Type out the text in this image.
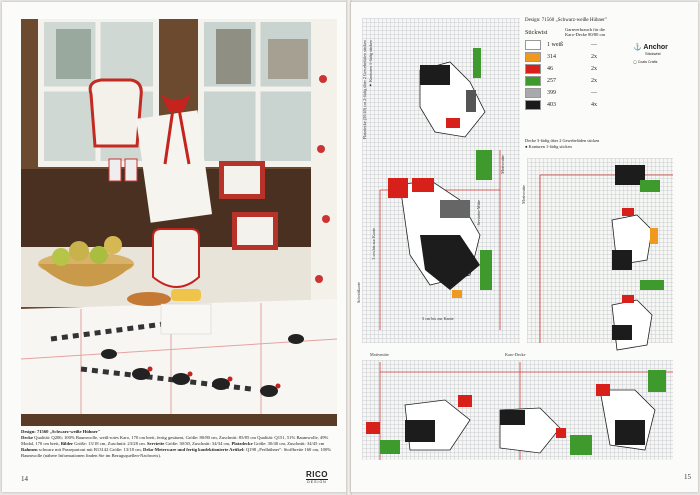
Design: 71560 „Schwarz-weiße Hühner"
Decke Qualität: Q206; 100% Baumwolle, weiß-rotes Karo, 170 cm breit, fertig gesäumt, Größe: 80/80 cm, Zuschnitt: 85/85 cm Qualität: Q151, 51% Baumwolle, 49% Modal, 170 cm breit, Bilder Größe: 13/18 cm, Zuschnitt: 23/28 cm. Serviette Größe: 30/30, Zuschnitt: 34/34 cm, Platzdecke Größe: 30/40 cm, Zuschnitt: 34/45 cm Rahmen schwarz mit Passepartout mit B13142 Größe: 13/18 cm, Deko-Meterware und fertig konfektionierte Artikel: Q198 „Perlhühner": Stoffbreite 160 cm, 100% Baumwolle (nähere Informationen finden Sie im Bezugsquellen-Nachweis).
14	RICO
DESIGN
Platzdecke (30/40) cm 2-fädig über 2 Gewebefäden sticken ● Konturen 1-fädig sticken
Serviette-Mitte
Motivmitte
Motivmitte
3 cm bis zur Kante
Schnittkante
3 cm bis zur Kante
Motivmitte	Karo-Decke
Design: 71560 „Schwarz-weiße Hühner"
Stickwist
Garnverbrauch für die
Karo-Decke 80/80 cm
⚓ Anchor
Stickwist
◯ Coats Crafts
1 weiß	—
314	2x
46	2x
257	2x
399	—
403	4x
Decke 3-fädig über 2 Gewebefäden sticken
● Konturen 1-fädig sticken
15
